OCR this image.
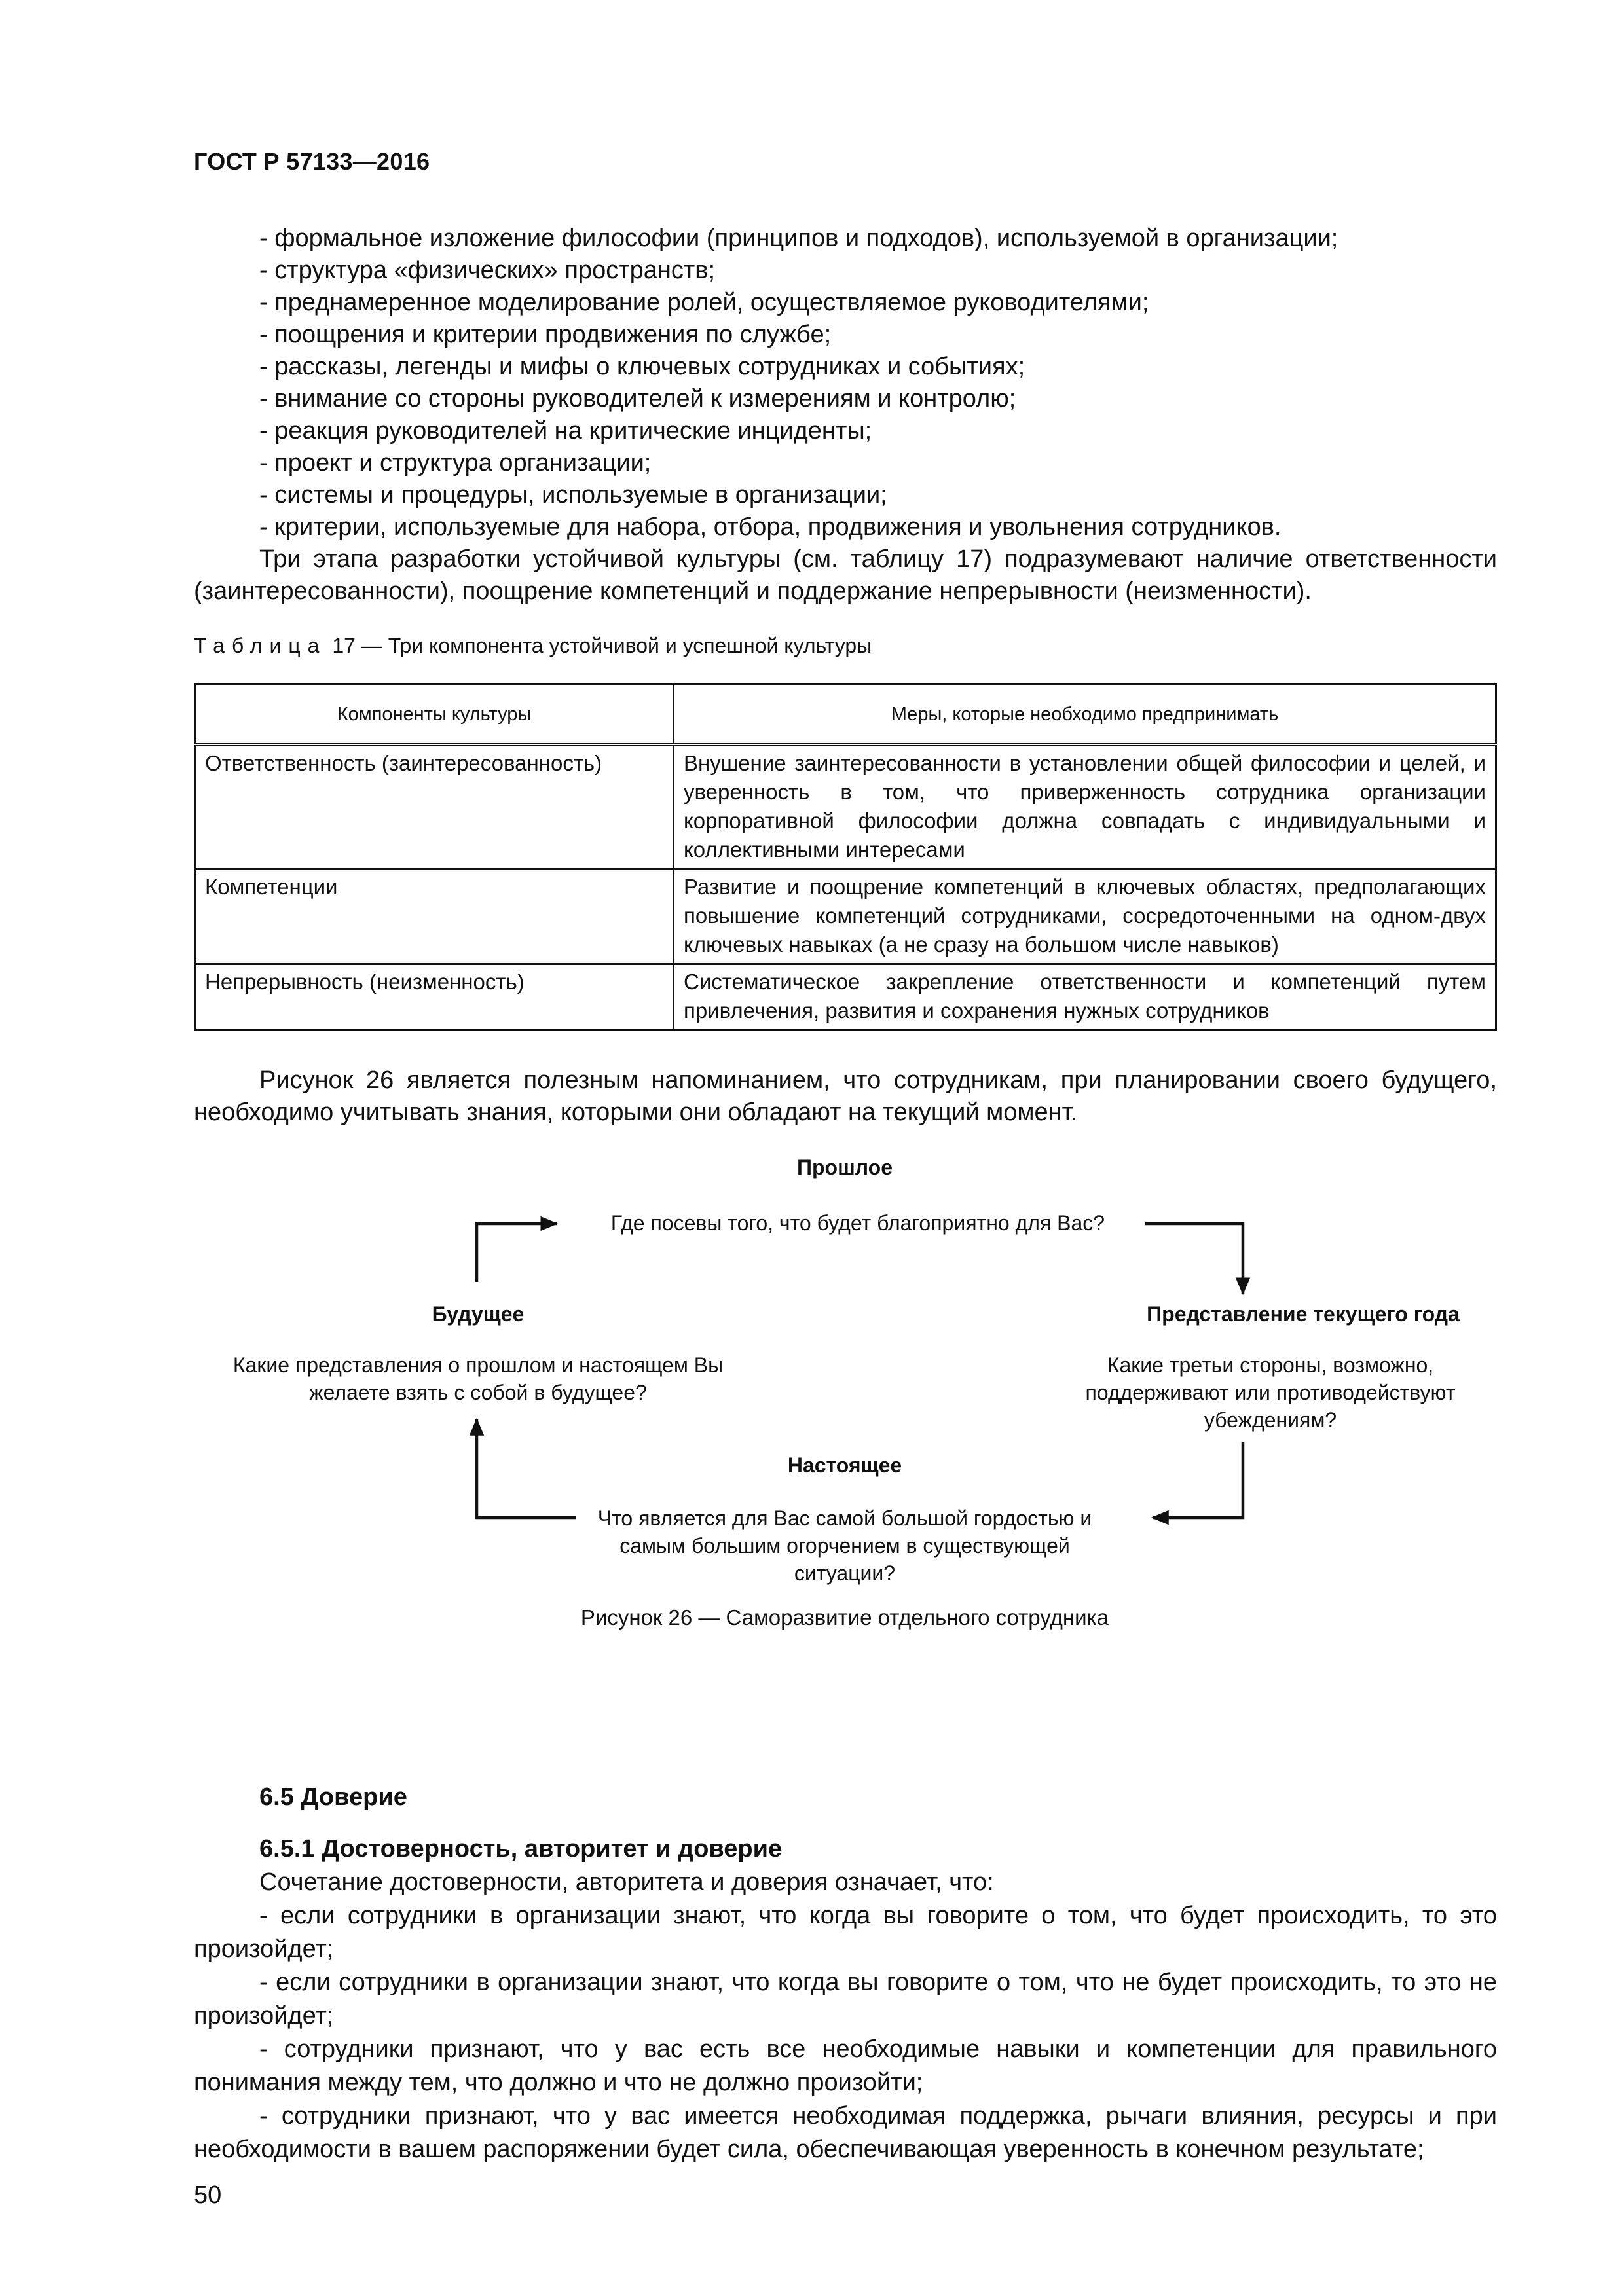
ГОСТ Р 57133—2016
- формальное изложение философии (принципов и подходов), используемой в организации;
- структура «физических» пространств;
- преднамеренное моделирование ролей, осуществляемое руководителями;
- поощрения и критерии продвижения по службе;
- рассказы, легенды и мифы о ключевых сотрудниках и событиях;
- внимание со стороны руководителей к измерениям и контролю;
- реакция руководителей на критические инциденты;
- проект и структура организации;
- системы и процедуры, используемые в организации;
- критерии, используемые для набора, отбора, продвижения и увольнения сотрудников.
Три этапа разработки устойчивой культуры (см. таблицу 17) подразумевают наличие ответственности (заинтересованности), поощрение компетенций и поддержание непрерывности (неизменности).
Таблица 17 — Три компонента устойчивой и успешной культуры
Компоненты культуры	Меры, которые необходимо предпринимать
Ответственность (заинтересованность)	Внушение заинтересованности в установлении общей философии и целей, и уверенность в том, что приверженность сотрудника организации корпоративной философии должна совпадать с индивидуальными и коллективными интересами
Компетенции	Развитие и поощрение компетенций в ключевых областях, предполагающих повышение компетенций сотрудниками, сосредоточенными на одном-двух ключевых навыках (а не сразу на большом числе навыков)
Непрерывность (неизменность)	Систематическое закрепление ответственности и компетенций путем привлечения, развития и сохранения нужных сотрудников
Рисунок 26 является полезным напоминанием, что сотрудникам, при планировании своего будущего, необходимо учитывать знания, которыми они обладают на текущий момент.
Прошлое
Где посевы того, что будет благоприятно для Вас?
Будущее
Какие представления о прошлом и настоящем Вы желаете взять с собой в будущее?
Представление текущего года
Какие третьи стороны, возможно, поддерживают или противодействуют убеждениям?
Настоящее
Что является для Вас самой большой гордостью и самым большим огорчением в существующей ситуации?
Рисунок 26 — Саморазвитие отдельного сотрудника
6.5 Доверие
6.5.1 Достоверность, авторитет и доверие
Сочетание достоверности, авторитета и доверия означает, что:
- если сотрудники в организации знают, что когда вы говорите о том, что будет происходить, то это произойдет;
- если сотрудники в организации знают, что когда вы говорите о том, что не будет происходить, то это не произойдет;
- сотрудники признают, что у вас есть все необходимые навыки и компетенции для правильного понимания между тем, что должно и что не должно произойти;
- сотрудники признают, что у вас имеется необходимая поддержка, рычаги влияния, ресурсы и при необходимости в вашем распоряжении будет сила, обеспечивающая уверенность в конечном результате;
50
